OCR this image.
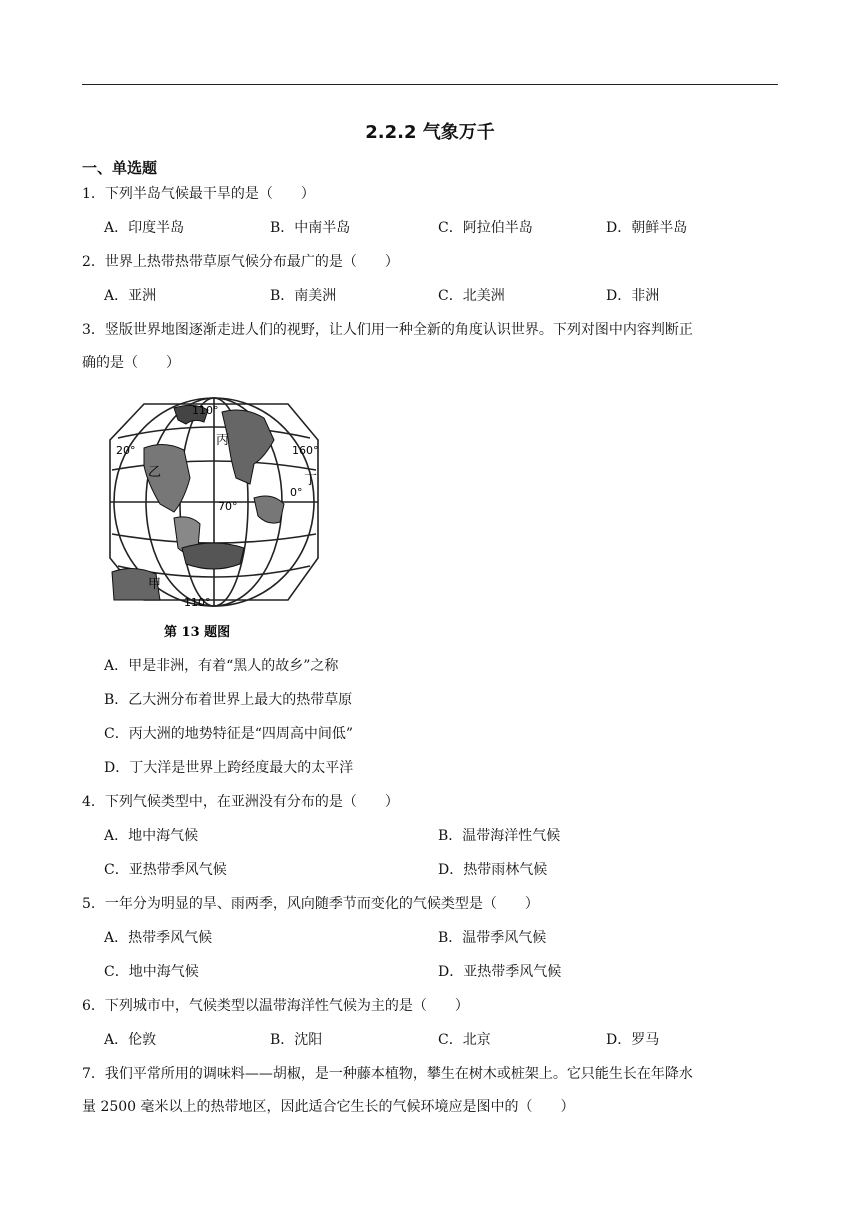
2.2.2 气象万千
一、单选题
1．下列半岛气候最干旱的是（　　）
A．印度半岛	B．中南半岛	C．阿拉伯半岛	D．朝鲜半岛
2．世界上热带热带草原气候分布最广的是（　　）
A．亚洲	B．南美洲	C．北美洲	D．非洲
3．竖版世界地图逐渐走进人们的视野，让人们用一种全新的角度认识世界。下列对图中内容判断正
确的是（　　）
110°
20°	160°
70°
0°
110°
乙
丙
丁
甲
第 13 题图
A．甲是非洲，有着“黑人的故乡”之称
B．乙大洲分布着世界上最大的热带草原
C．丙大洲的地势特征是“四周高中间低”
D．丁大洋是世界上跨经度最大的太平洋
4．下列气候类型中，在亚洲没有分布的是（　　）
A．地中海气候	B．温带海洋性气候
C．亚热带季风气候	D．热带雨林气候
5．一年分为明显的旱、雨两季，风向随季节而变化的气候类型是（　　）
A．热带季风气候	B．温带季风气候
C．地中海气候	D．亚热带季风气候
6．下列城市中，气候类型以温带海洋性气候为主的是（　　）
A．伦敦	B．沈阳	C．北京	D．罗马
7．我们平常所用的调味料——胡椒，是一种藤本植物，攀生在树木或桩架上。它只能生长在年降水
量 2500 毫米以上的热带地区，因此适合它生长的气候环境应是图中的（　　）
